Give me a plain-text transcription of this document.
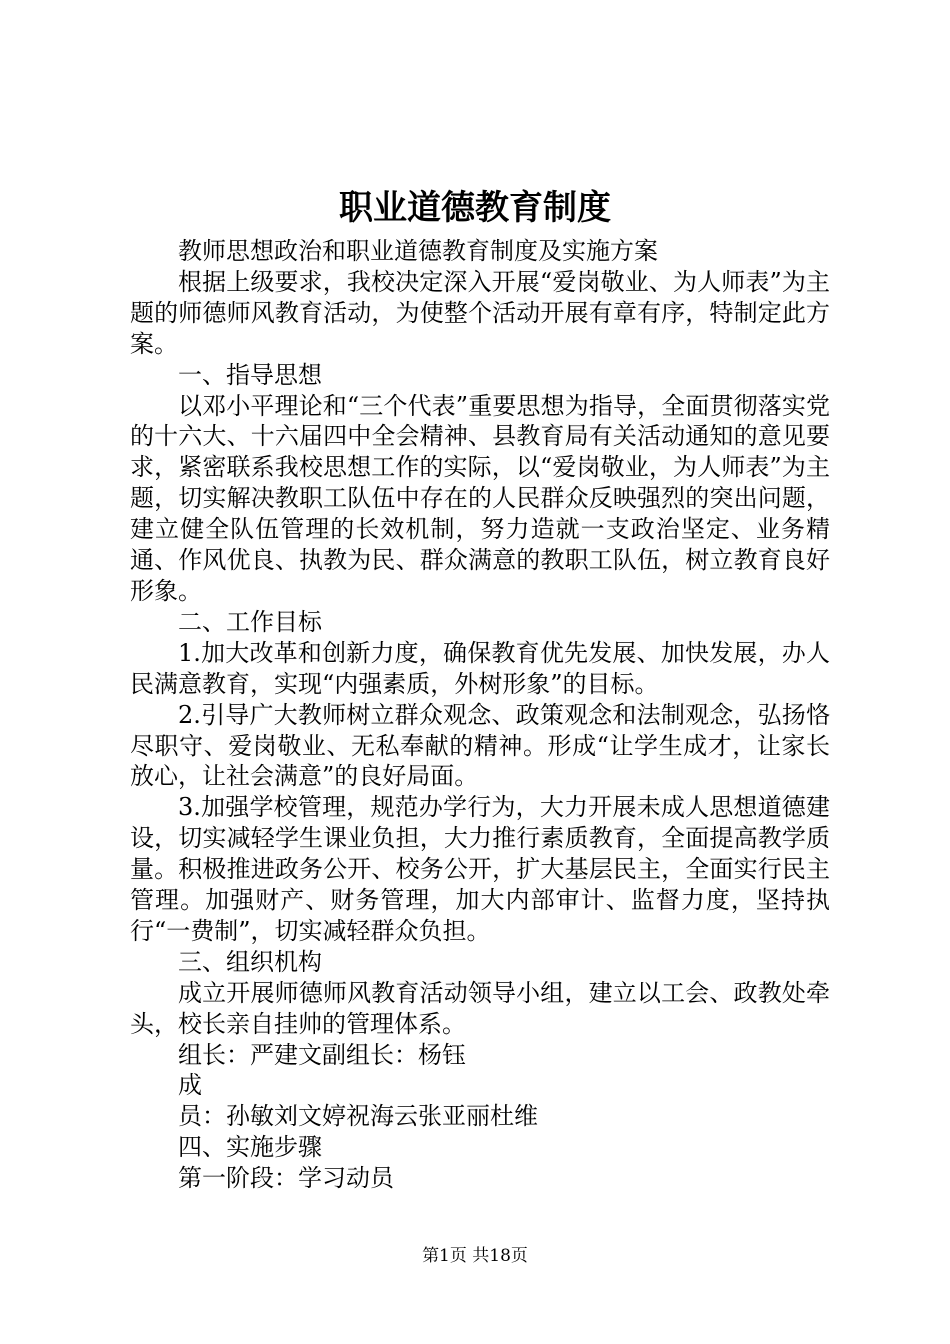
职业道德教育制度

教师思想政治和职业道德教育制度及实施方案

根据上级要求，我校决定深入开展“爱岗敬业、为人师表”为主题的师德师风教育活动，为使整个活动开展有章有序，特制定此方案。

一、指导思想

以邓小平理论和“三个代表”重要思想为指导，全面贯彻落实党的十六大、十六届四中全会精神、县教育局有关活动通知的意见要求，紧密联系我校思想工作的实际，以“爱岗敬业，为人师表”为主题，切实解决教职工队伍中存在的人民群众反映强烈的突出问题，建立健全队伍管理的长效机制，努力造就一支政治坚定、业务精通、作风优良、执教为民、群众满意的教职工队伍，树立教育良好形象。

二、工作目标

1.加大改革和创新力度，确保教育优先发展、加快发展，办人民满意教育，实现“内强素质，外树形象”的目标。

2.引导广大教师树立群众观念、政策观念和法制观念，弘扬恪尽职守、爱岗敬业、无私奉献的精神。形成“让学生成才，让家长放心，让社会满意”的良好局面。

3.加强学校管理，规范办学行为，大力开展未成人思想道德建设，切实减轻学生课业负担，大力推行素质教育，全面提高教学质量。积极推进政务公开、校务公开，扩大基层民主，全面实行民主管理。加强财产、财务管理，加大内部审计、监督力度，坚持执行“一费制”，切实减轻群众负担。

三、组织机构

成立开展师德师风教育活动领导小组，建立以工会、政教处牵头，校长亲自挂帅的管理体系。

组长：严建文副组长：杨钰

成

员：孙敏刘文婷祝海云张亚丽杜维

四、实施步骤

第一阶段：学习动员

第1页 共18页
